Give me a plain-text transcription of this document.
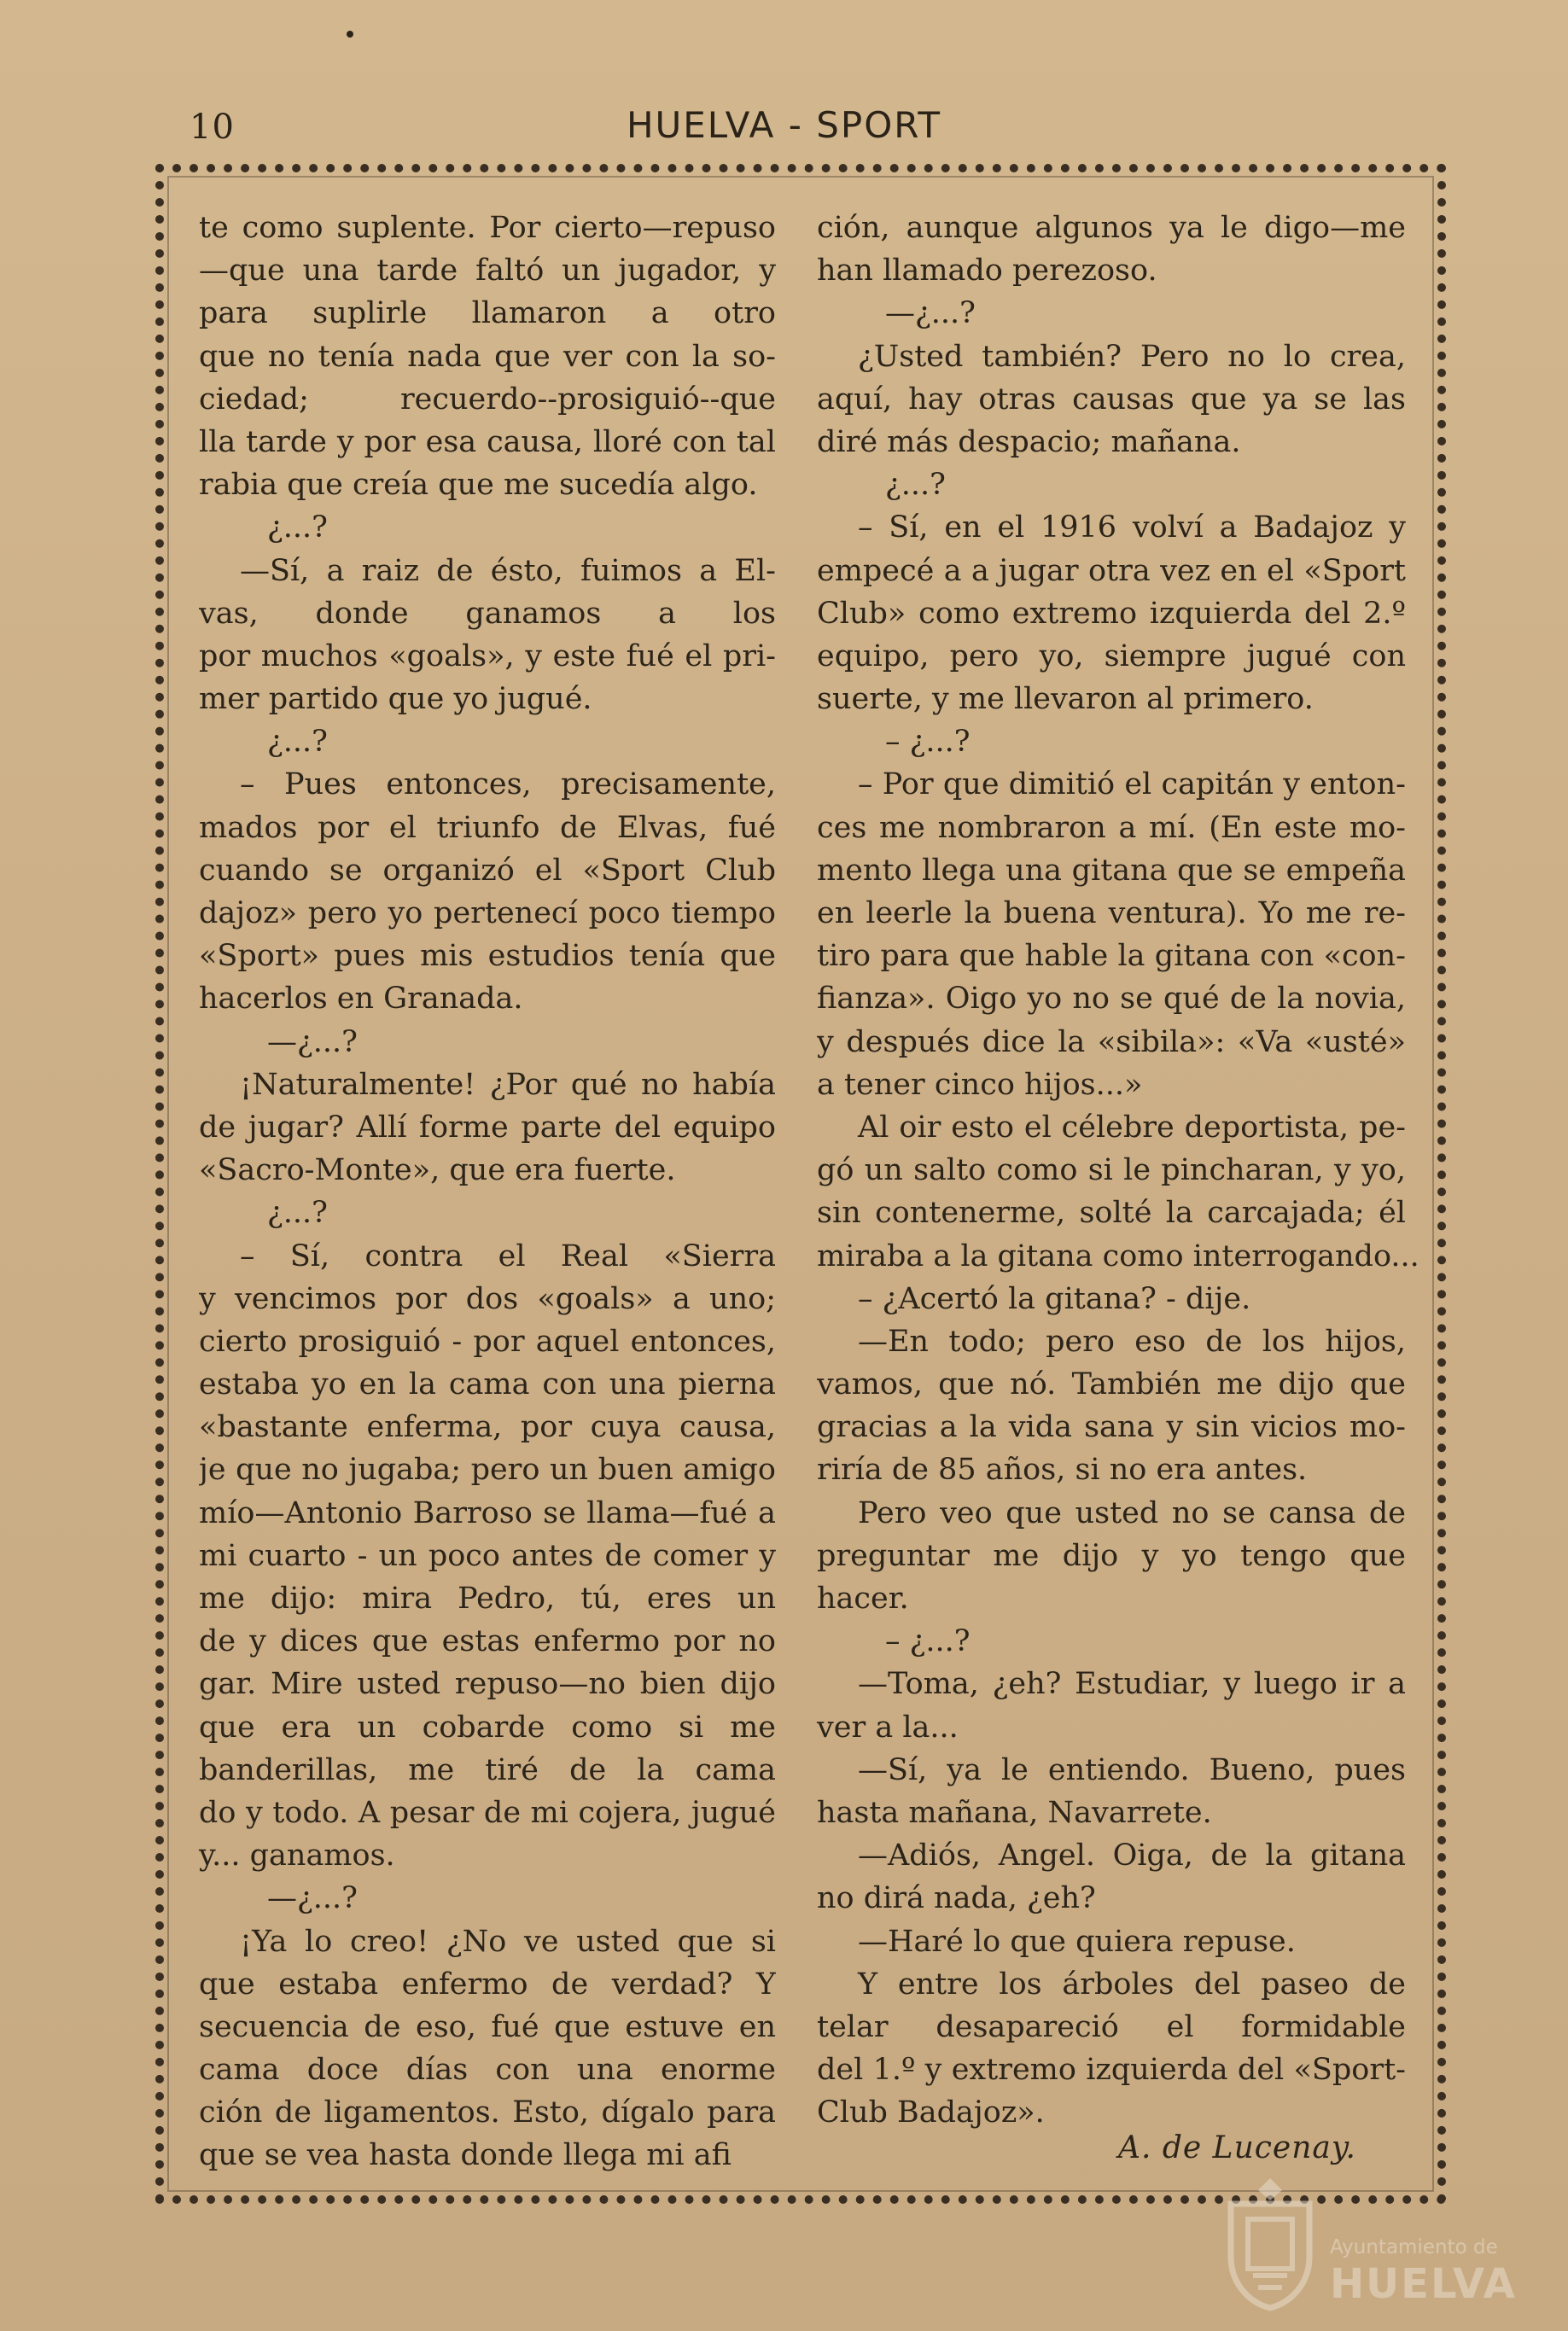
10	HUELVA - SPORT
te como suplente. Por cierto—repuso
—que una tarde faltó un jugador, y
para suplirle llamaron a otro
que no tenía nada que ver con la so-
ciedad; recuerdo--prosiguió--que
lla tarde y por esa causa, lloré con tal
rabia que creía que me sucedía algo.
¿...?
—Sí, a raiz de ésto, fuimos a El-
vas, donde ganamos a los
por muchos «goals», y este fué el pri-
mer partido que yo jugué.
¿...?
– Pues entonces, precisamente,
mados por el triunfo de Elvas, fué
cuando se organizó el «Sport Club
dajoz» pero yo pertenecí poco tiempo
«Sport» pues mis estudios tenía que
hacerlos en Granada.
—¿...?
¡Naturalmente! ¿Por qué no había
de jugar? Allí forme parte del equipo
«Sacro-Monte», que era fuerte.
¿...?
– Sí, contra el Real «Sierra
y vencimos por dos «goals» a uno;
cierto prosiguió - por aquel entonces,
estaba yo en la cama con una pierna
«bastante enferma, por cuya causa,
je que no jugaba; pero un buen amigo
mío—Antonio Barroso se llama—fué a
mi cuarto - un poco antes de comer y
me dijo: mira Pedro, tú, eres un
de y dices que estas enfermo por no
gar. Mire usted repuso—no bien dijo
que era un cobarde como si me
banderillas, me tiré de la cama
do y todo. A pesar de mi cojera, jugué
y... ganamos.
—¿...?
¡Ya lo creo! ¿No ve usted que si
que estaba enfermo de verdad? Y
secuencia de eso, fué que estuve en
cama doce días con una enorme
ción de ligamentos. Esto, dígalo para
que se vea hasta donde llega mi afi
ción, aunque algunos ya le digo—me
han llamado perezoso.
—¿...?
¿Usted también? Pero no lo crea,
aquí, hay otras causas que ya se las
diré más despacio; mañana.
¿...?
– Sí, en el 1916 volví a Badajoz y
empecé a a jugar otra vez en el «Sport
Club» como extremo izquierda del 2.º
equipo, pero yo, siempre jugué con
suerte, y me llevaron al primero.
– ¿...?
– Por que dimitió el capitán y enton-
ces me nombraron a mí. (En este mo-
mento llega una gitana que se empeña
en leerle la buena ventura). Yo me re-
tiro para que hable la gitana con «con-
fianza». Oigo yo no se qué de la novia,
y después dice la «sibila»: «Va «usté»
a tener cinco hijos...»
Al oir esto el célebre deportista, pe-
gó un salto como si le pincharan, y yo,
sin contenerme, solté la carcajada; él
miraba a la gitana como interrogando...
– ¿Acertó la gitana? - dije.
—En todo; pero eso de los hijos,
vamos, que nó. También me dijo que
gracias a la vida sana y sin vicios mo-
riría de 85 años, si no era antes.
Pero veo que usted no se cansa de
preguntar me dijo y yo tengo que
hacer.
– ¿...?
—Toma, ¿eh? Estudiar, y luego ir a
ver a la...
—Sí, ya le entiendo. Bueno, pues
hasta mañana, Navarrete.
—Adiós, Angel. Oiga, de la gitana
no dirá nada, ¿eh?
—Haré lo que quiera repuse.
Y entre los árboles del paseo de
telar desapareció el formidable
del 1.º y extremo izquierda del «Sport-
Club Badajoz».
A. de Lucenay.
Ayuntamiento de
HUELVA
